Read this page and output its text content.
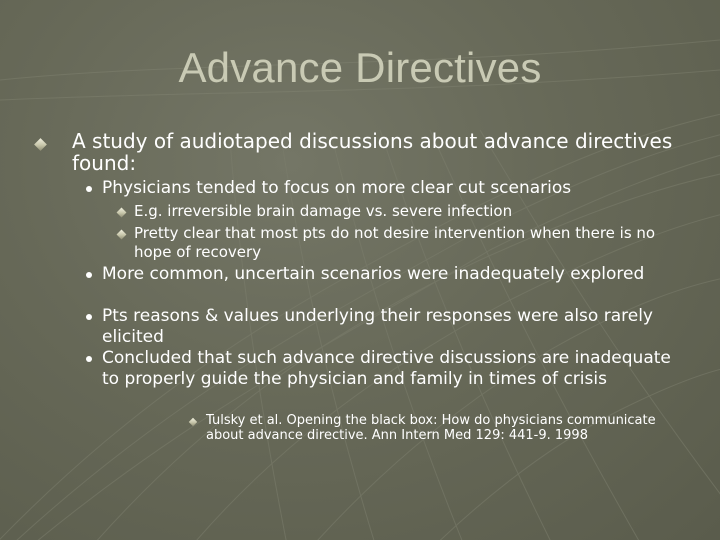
Advance Directives

A study of audiotaped discussions about advance directives found:

Physicians tended to focus on more clear cut scenarios

E.g. irreversible brain damage vs. severe infection

Pretty clear that most pts do not desire intervention when there is no hope of recovery

More common, uncertain scenarios were inadequately explored

Pts reasons & values underlying their responses were also rarely elicited

Concluded that such advance directive discussions are inadequate to properly guide the physician and family in times of crisis

Tulsky et al. Opening the black box: How do physicians communicate about advance directive. Ann Intern Med 129: 441-9. 1998
